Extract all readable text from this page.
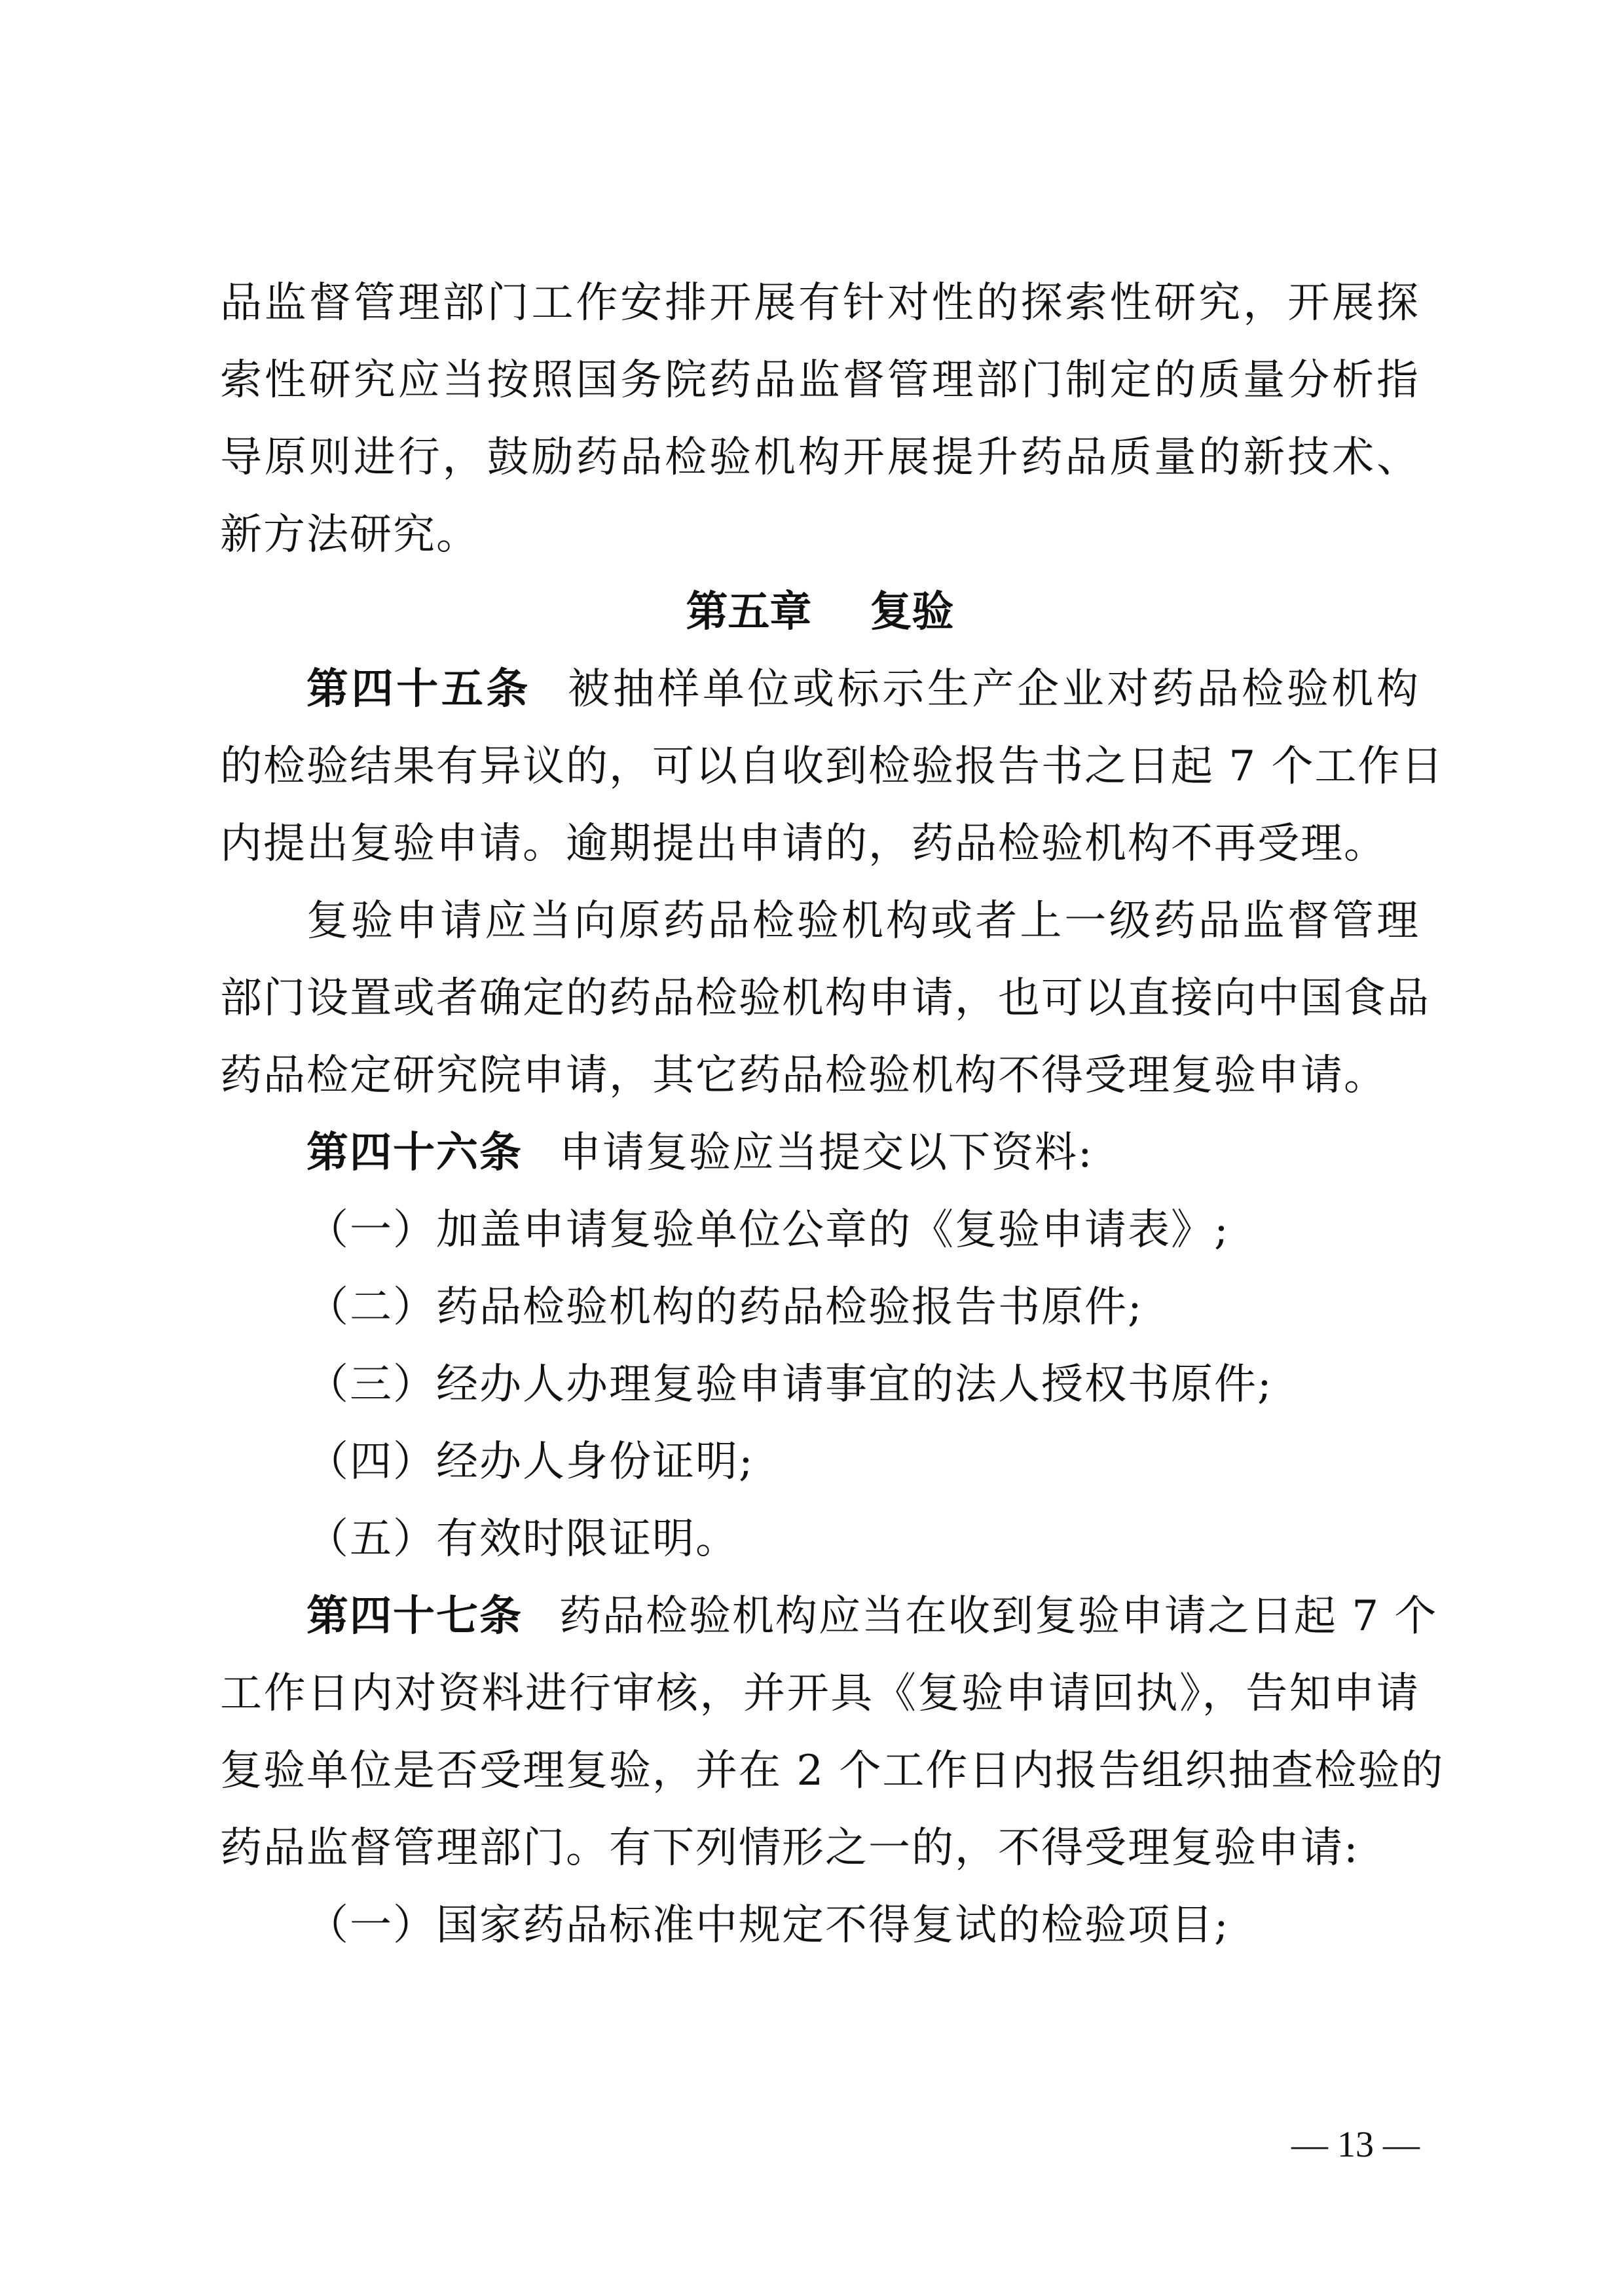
品监督管理部门工作安排开展有针对性的探索性研究，开展探
索性研究应当按照国务院药品监督管理部门制定的质量分析指
导原则进行，鼓励药品检验机构开展提升药品质量的新技术、
新方法研究。
第五章 复验
第四十五条 被抽样单位或标示生产企业对药品检验机构
的检验结果有异议的，可以自收到检验报告书之日起 7 个工作日
内提出复验申请。逾期提出申请的，药品检验机构不再受理。
复验申请应当向原药品检验机构或者上一级药品监督管理
部门设置或者确定的药品检验机构申请，也可以直接向中国食品
药品检定研究院申请，其它药品检验机构不得受理复验申请。
第四十六条 申请复验应当提交以下资料:
（一）加盖申请复验单位公章的《复验申请表》;
（二）药品检验机构的药品检验报告书原件;
（三）经办人办理复验申请事宜的法人授权书原件;
（四）经办人身份证明;
（五）有效时限证明。
第四十七条 药品检验机构应当在收到复验申请之日起 7 个
工作日内对资料进行审核，并开具《复验申请回执》，告知申请
复验单位是否受理复验，并在 2 个工作日内报告组织抽查检验的
药品监督管理部门。有下列情形之一的，不得受理复验申请:
（一）国家药品标准中规定不得复试的检验项目;
— 13 —
